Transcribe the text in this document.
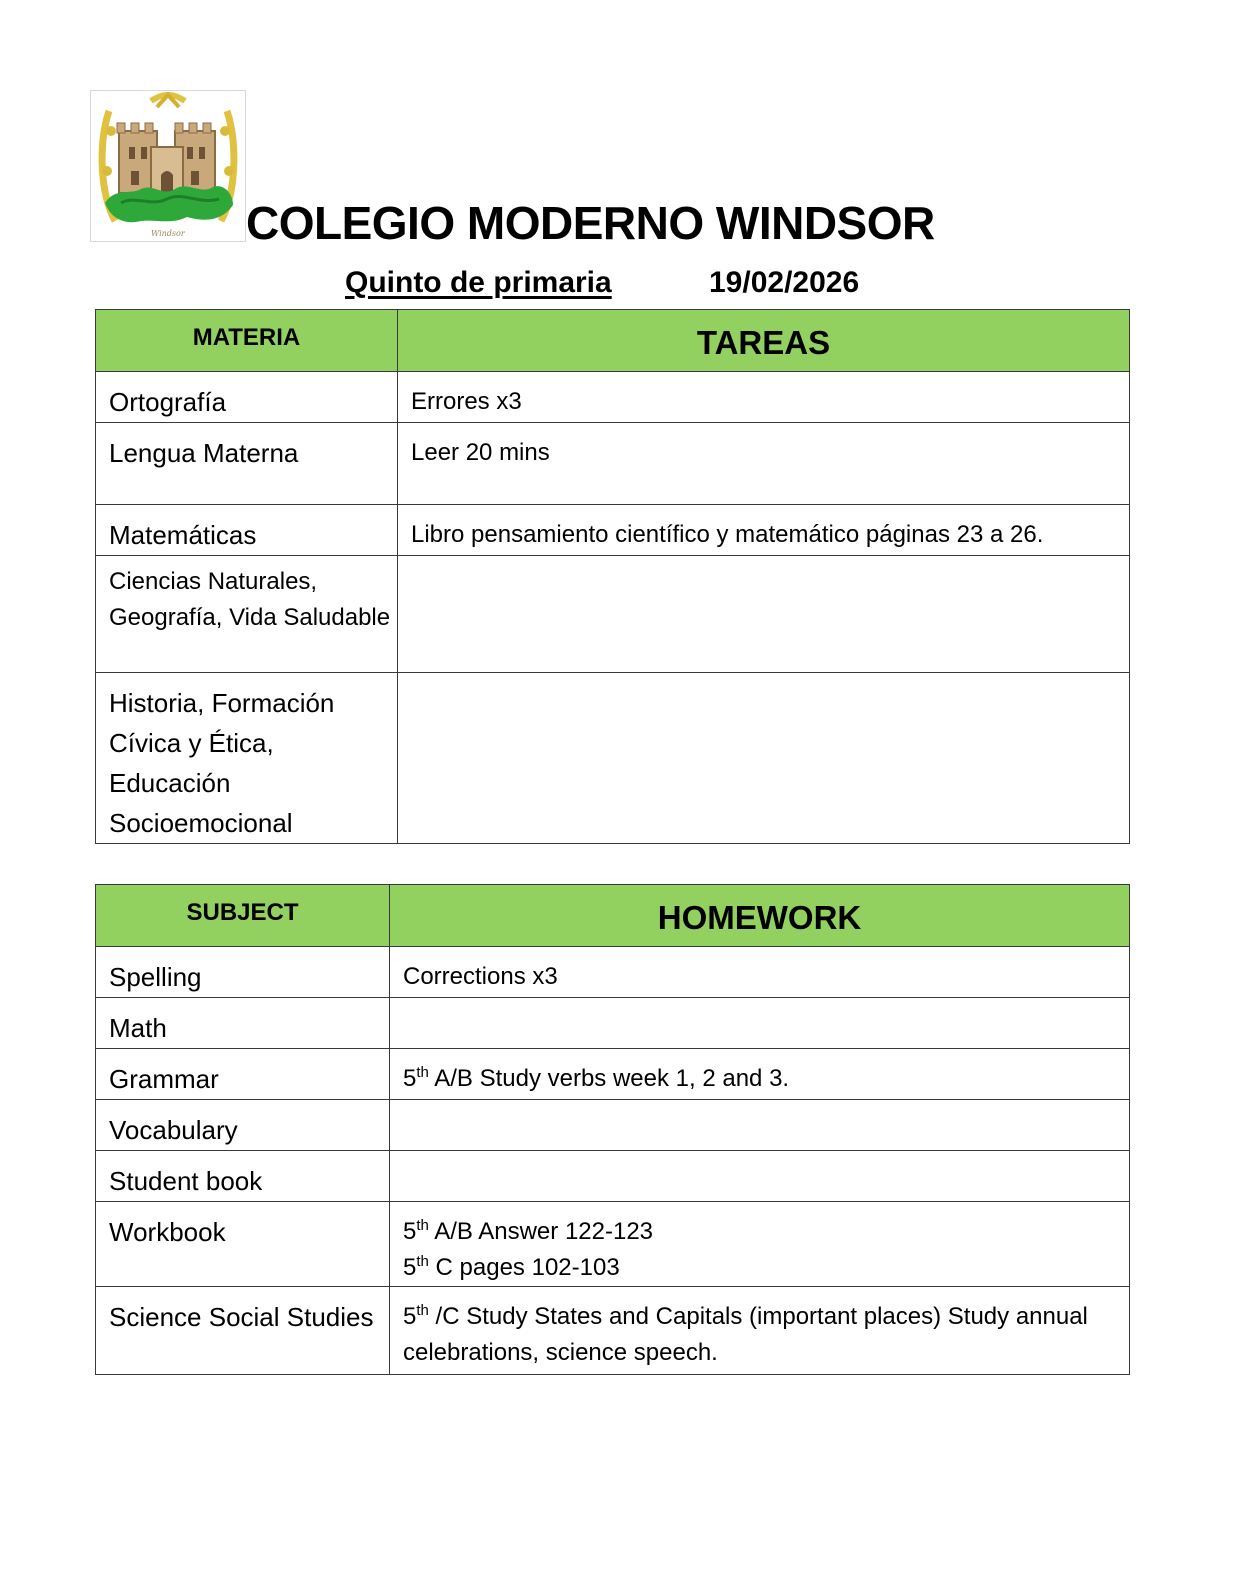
Windsor COLEGIO MODERNO WINDSOR
Quinto de primaria	19/02/2026
MATERIA	TAREAS
Ortografía	Errores x3
Lengua Materna	Leer 20 mins
Matemáticas	Libro pensamiento científico y matemático páginas 23 a 26.
Ciencias Naturales, Geografía, Vida Saludable	
Historia, Formación Cívica y Ética, Educación Socioemocional	
SUBJECT	HOMEWORK
Spelling	Corrections x3
Math	
Grammar	5th A/B Study verbs week 1, 2 and 3.
Vocabulary	
Student book	
Workbook	5th A/B Answer 122-123
5th C pages 102-103

Science Social Studies	5th /C Study States and Capitals (important places) Study annual celebrations, science speech.
